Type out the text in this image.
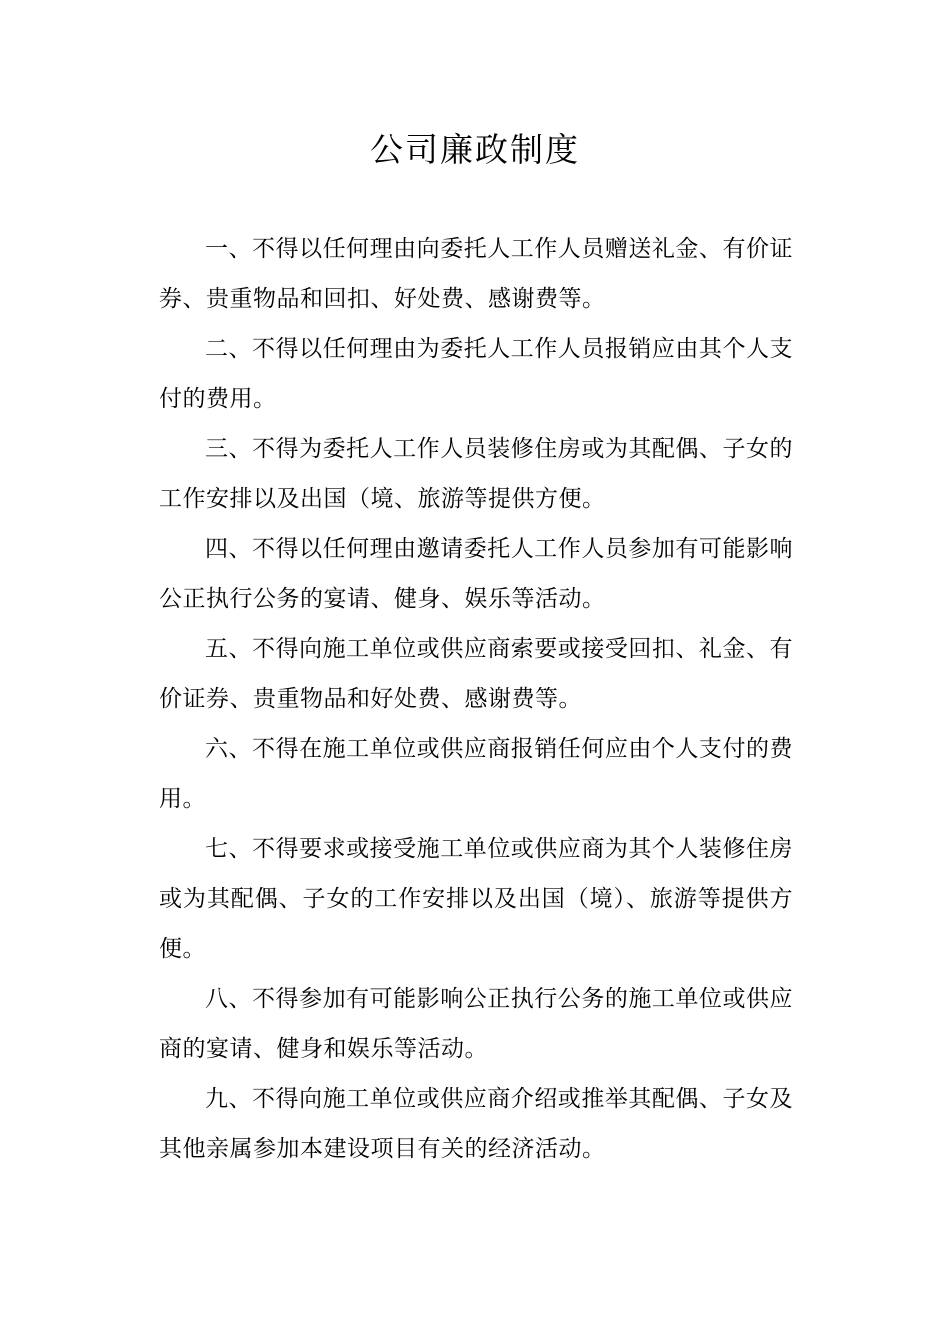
公司廉政制度

一、不得以任何理由向委托人工作人员赠送礼金、有价证券、贵重物品和回扣、好处费、感谢费等。

二、不得以任何理由为委托人工作人员报销应由其个人支付的费用。

三、不得为委托人工作人员装修住房或为其配偶、子女的工作安排以及出国（境、旅游等提供方便。

四、不得以任何理由邀请委托人工作人员参加有可能影响公正执行公务的宴请、健身、娱乐等活动。

五、不得向施工单位或供应商索要或接受回扣、礼金、有价证券、贵重物品和好处费、感谢费等。

六、不得在施工单位或供应商报销任何应由个人支付的费用。

七、不得要求或接受施工单位或供应商为其个人装修住房或为其配偶、子女的工作安排以及出国（境）、旅游等提供方便。

八、不得参加有可能影响公正执行公务的施工单位或供应商的宴请、健身和娱乐等活动。

九、不得向施工单位或供应商介绍或推举其配偶、子女及其他亲属参加本建设项目有关的经济活动。
